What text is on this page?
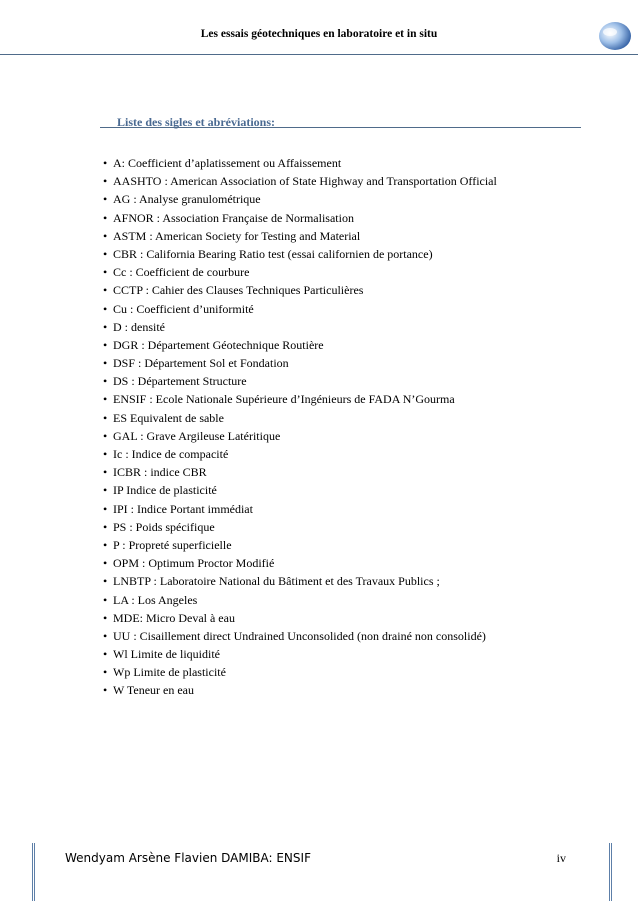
Les essais géotechniques en laboratoire et in situ
Liste des sigles et abréviations:
• A: Coefficient d’aplatissement ou Affaissement
• AASHTO : American Association of State Highway and Transportation Official
• AG : Analyse granulométrique
• AFNOR : Association Française de Normalisation
• ASTM : American Society for Testing and Material
• CBR : California Bearing Ratio test (essai californien de portance)
• Cc : Coefficient de courbure
• CCTP : Cahier des Clauses Techniques Particulières
• Cu : Coefficient d’uniformité
• D : densité
• DGR : Département Géotechnique Routière
• DSF : Département Sol et Fondation
• DS : Département Structure
• ENSIF : Ecole Nationale Supérieure d’Ingénieurs de FADA N’Gourma
• ES Equivalent de sable
• GAL : Grave Argileuse Latéritique
• Ic : Indice de compacité
• ICBR : indice CBR
• IP Indice de plasticité
• IPI : Indice Portant immédiat
• PS : Poids spécifique
• P : Propreté superficielle
• OPM : Optimum Proctor Modifié
• LNBTP : Laboratoire National du Bâtiment et des Travaux Publics ;
• LA : Los Angeles
• MDE: Micro Deval à eau
• UU : Cisaillement direct Undrained Unconsolided (non drainé non consolidé)
• Wl Limite de liquidité
• Wp Limite de plasticité
• W Teneur en eau
Wendyam Arsène Flavien DAMIBA: ENSIF	iv
